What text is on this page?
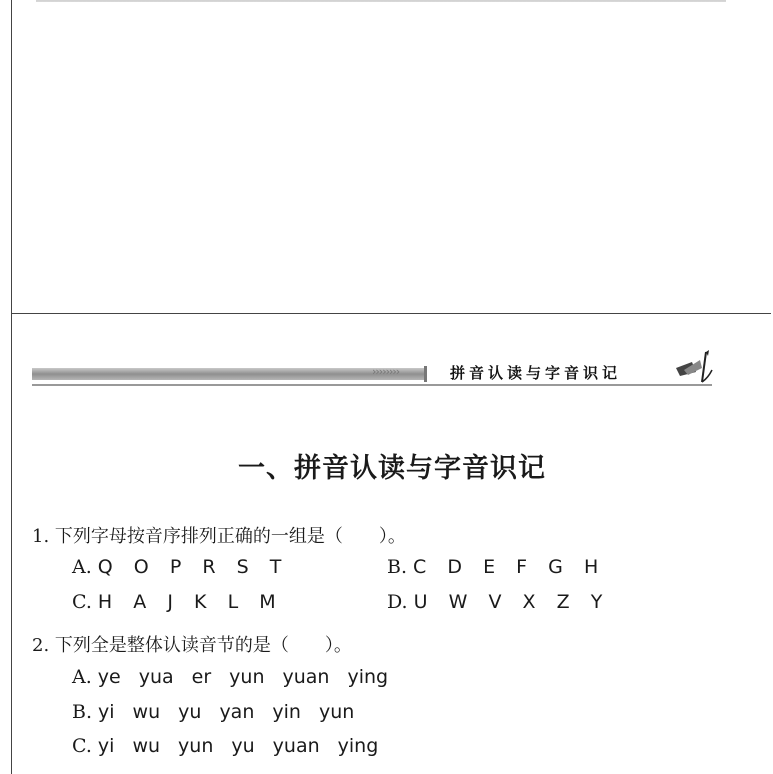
››››››››	拼音认读与字音识记
一、拼音认读与字音识记
1. 下列字母按音序排列正确的一组是（　　）。
A. Q  O  P  R  S  T	B. C  D  E  F  G  H
C. H  A  J  K  L  M	D. U  W  V  X  Z  Y
2. 下列全是整体认读音节的是（　　）。
A. ye yua er yun yuan ying
B. yi wu yu yan yin yun
C. yi wu yun yu yuan ying
